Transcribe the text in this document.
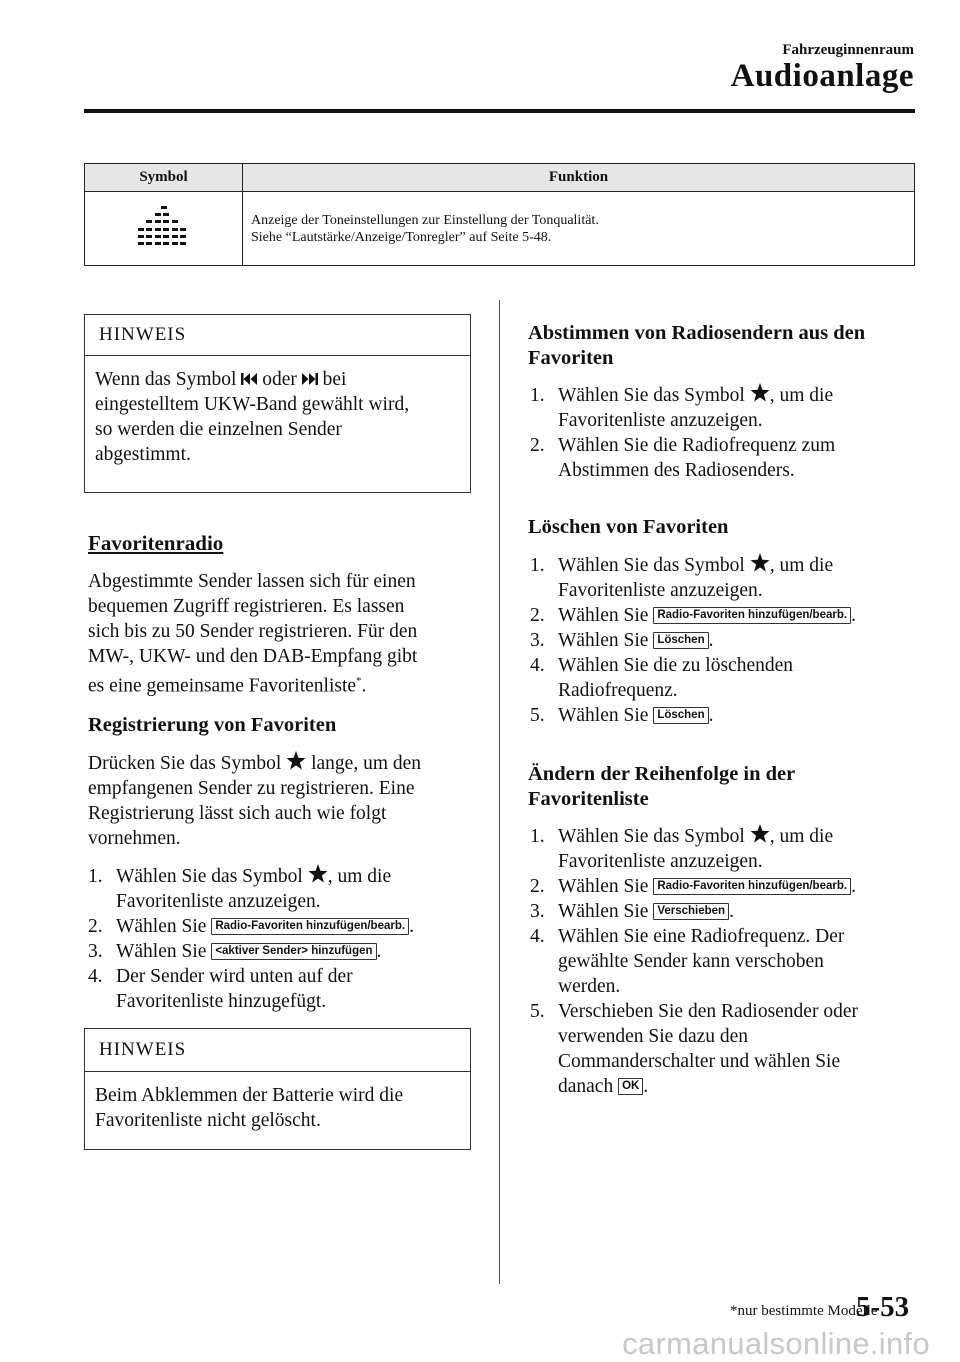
Fahrzeuginnenraum
Audioanlage
Symbol	Funktion

Anzeige der Toneinstellungen zur Einstellung der Tonqualität.
Siehe “Lautstärke/Anzeige/Tonregler” auf Seite 5-48.
HINWEIS
Wenn das Symbol  oder  bei
eingestelltem UKW-Band gewählt wird,
so werden die einzelnen Sender
abgestimmt.
Favoritenradio
Abgestimmte Sender lassen sich für einen
bequemen Zugriff registrieren. Es lassen
sich bis zu 50 Sender registrieren. Für den
MW-, UKW- und den DAB-Empfang gibt
es eine gemeinsame Favoritenliste*.
Registrierung von Favoriten
Drücken Sie das Symbol  lange, um den
empfangenen Sender zu registrieren. Eine
Registrierung lässt sich auch wie folgt
vornehmen.
1. Wählen Sie das Symbol , um die
Favoritenliste anzuzeigen.
2. Wählen Sie Radio-Favoriten hinzufügen/bearb. .
3. Wählen Sie <aktiver Sender> hinzufügen .
4. Der Sender wird unten auf der
Favoritenliste hinzugefügt.
HINWEIS
Beim Abklemmen der Batterie wird die
Favoritenliste nicht gelöscht.
Abstimmen von Radiosendern aus den
Favoriten
1. Wählen Sie das Symbol , um die
Favoritenliste anzuzeigen.
2. Wählen Sie die Radiofrequenz zum
Abstimmen des Radiosenders.
Löschen von Favoriten
1. Wählen Sie das Symbol , um die
Favoritenliste anzuzeigen.
2. Wählen Sie Radio-Favoriten hinzufügen/bearb. .
3. Wählen Sie Löschen .
4. Wählen Sie die zu löschenden
Radiofrequenz.
5. Wählen Sie Löschen .
Ändern der Reihenfolge in der
Favoritenliste
1. Wählen Sie das Symbol , um die
Favoritenliste anzuzeigen.
2. Wählen Sie Radio-Favoriten hinzufügen/bearb. .
3. Wählen Sie Verschieben .
4. Wählen Sie eine Radiofrequenz. Der
gewählte Sender kann verschoben
werden.
5. Verschieben Sie den Radiosender oder
verwenden Sie dazu den
Commanderschalter und wählen Sie
danach OK .
*nur bestimmte Modelle
5-53
carmanualsonline.info
